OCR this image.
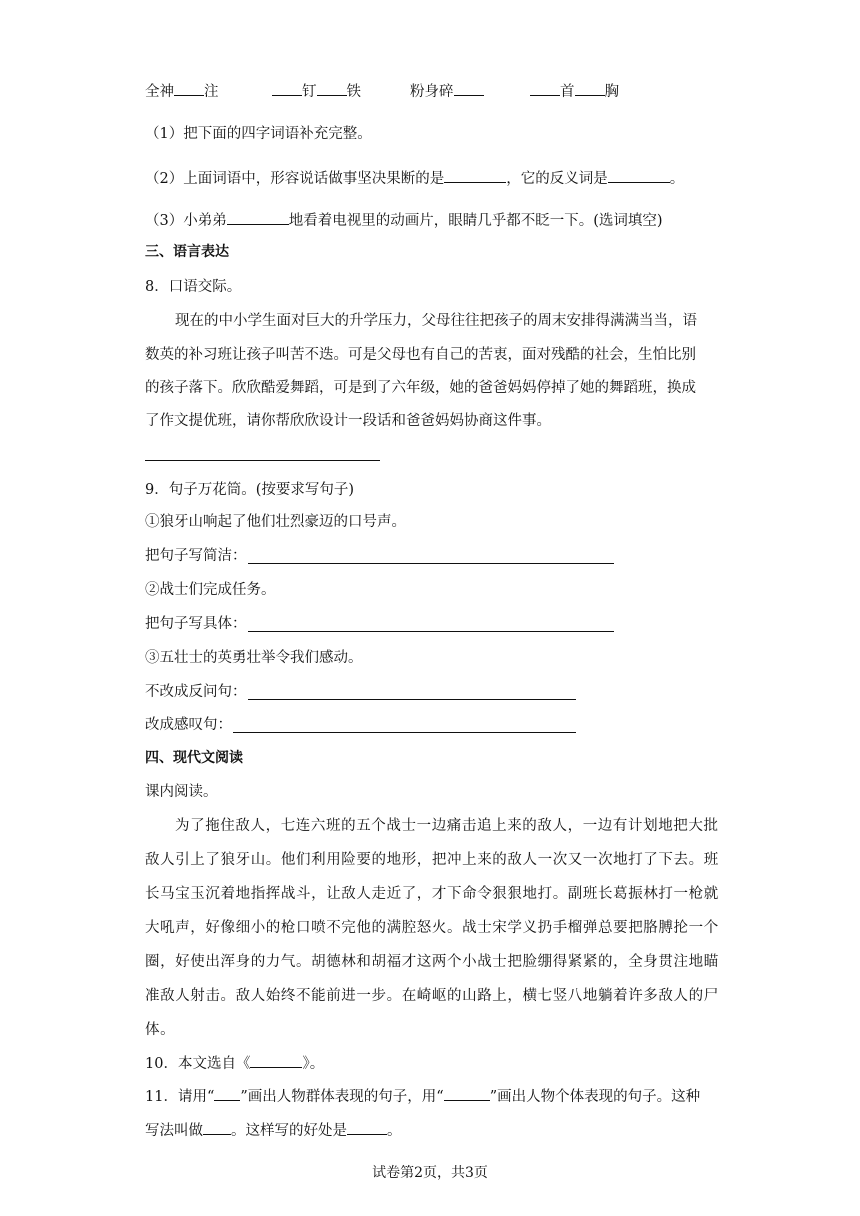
全神 注	钉 铁	粉身碎	首 胸
（1）把下面的四字词语补充完整。
（2）上面词语中，形容说话做事坚决果断的是	，它的反义词是	。
（3）小弟弟	地看着电视里的动画片，眼睛几乎都不眨一下。(选词填空)
三、语言表达
8．口语交际。
现在的中小学生面对巨大的升学压力，父母往往把孩子的周末安排得满满当当，语
数英的补习班让孩子叫苦不迭。可是父母也有自己的苦衷，面对残酷的社会，生怕比别
的孩子落下。欣欣酷爱舞蹈，可是到了六年级，她的爸爸妈妈停掉了她的舞蹈班，换成
了作文提优班，请你帮欣欣设计一段话和爸爸妈妈协商这件事。
9．句子万花筒。(按要求写句子)
①狼牙山响起了他们壮烈豪迈的口号声。
把句子写简洁：
②战士们完成任务。
把句子写具体：
③五壮士的英勇壮举令我们感动。
不改成反问句：
改成感叹句：
四、现代文阅读
课内阅读。
为了拖住敌人，七连六班的五个战士一边痛击追上来的敌人，一边有计划地把大批
敌人引上了狼牙山。他们利用险要的地形，把冲上来的敌人一次又一次地打了下去。班
长马宝玉沉着地指挥战斗，让敌人走近了，才下命令狠狠地打。副班长葛振林打一枪就
大吼声，好像细小的枪口喷不完他的满腔怒火。战士宋学义扔手榴弹总要把胳膊抡一个
圈，好使出浑身的力气。胡德林和胡福才这两个小战士把脸绷得紧紧的，全身贯注地瞄
准敌人射击。敌人始终不能前进一步。在崎岖的山路上，横七竖八地躺着许多敌人的尸
体。
10．本文选自《	》。
11．请用“ ”画出人物群体表现的句子，用“	”画出人物个体表现的句子。这种
写法叫做 。这样写的好处是	。
试卷第2页，共3页
